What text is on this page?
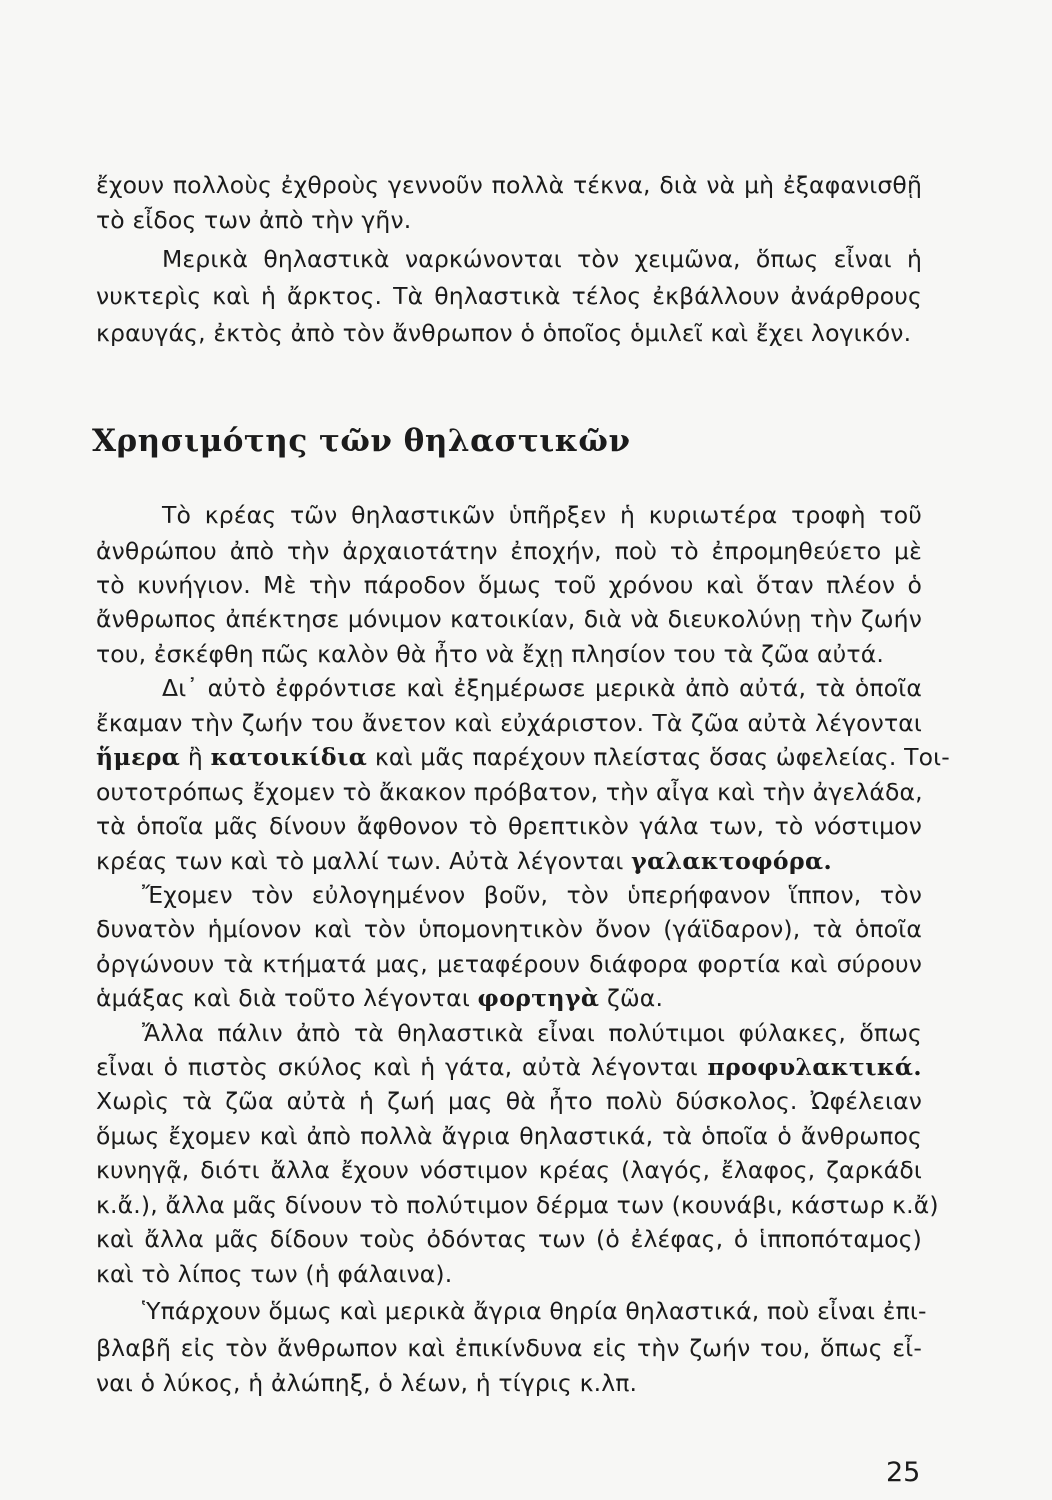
ἔχουν πολλοὺς ἐχθροὺς γεννοῦν πολλὰ τέκνα, διὰ νὰ μὴ ἐξαφανισθῇ
τὸ εἶδος των ἀπὸ τὴν γῆν.
Μερικὰ θηλαστικὰ ναρκώνονται τὸν χειμῶνα, ὅπως εἶναι ἡ
νυκτερὶς καὶ ἡ ἄρκτος. Τὰ θηλαστικὰ τέλος ἐκβάλλουν ἀνάρθρους
κραυγάς, ἐκτὸς ἀπὸ τὸν ἄνθρωπον ὁ ὁποῖος ὁμιλεῖ καὶ ἔχει λογικόν.
Χρησιμότης τῶν θηλαστικῶν
Τὸ κρέας τῶν θηλαστικῶν ὑπῆρξεν ἡ κυριωτέρα τροφὴ τοῦ
ἀνθρώπου ἀπὸ τὴν ἀρχαιοτάτην ἐποχήν, ποὺ τὸ ἐπρομηθεύετο μὲ
τὸ κυνήγιον. Μὲ τὴν πάροδον ὅμως τοῦ χρόνου καὶ ὅταν πλέον ὁ
ἄνθρωπος ἀπέκτησε μόνιμον κατοικίαν, διὰ νὰ διευκολύνῃ τὴν ζωήν
του, ἐσκέφθη πῶς καλὸν θὰ ἦτο νὰ ἔχῃ πλησίον του τὰ ζῶα αὐτά.
Δι᾽ αὐτὸ ἐφρόντισε καὶ ἐξημέρωσε μερικὰ ἀπὸ αὐτά, τὰ ὁποῖα
ἔκαμαν τὴν ζωήν του ἄνετον καὶ εὐχάριστον. Τὰ ζῶα αὐτὰ λέγονται
ἥμερα ἢ κατοικίδια καὶ μᾶς παρέχουν πλείστας ὅσας ὠφελείας. Τοι-
ουτοτρόπως ἔχομεν τὸ ἄκακον πρόβατον, τὴν αἶγα καὶ τὴν ἀγελάδα,
τὰ ὁποῖα μᾶς δίνουν ἄφθονον τὸ θρεπτικὸν γάλα των, τὸ νόστιμον
κρέας των καὶ τὸ μαλλί των. Αὐτὰ λέγονται γαλακτοφόρα.
Ἔχομεν τὸν εὐλογημένον βοῦν, τὸν ὑπερήφανον ἵππον, τὸν
δυνατὸν ἡμίονον καὶ τὸν ὑπομονητικὸν ὄνον (γάϊδαρον), τὰ ὁποῖα
ὀργώνουν τὰ κτήματά μας, μεταφέρουν διάφορα φορτία καὶ σύρουν
ἁμάξας καὶ διὰ τοῦτο λέγονται φορτηγὰ ζῶα.
Ἄλλα πάλιν ἀπὸ τὰ θηλαστικὰ εἶναι πολύτιμοι φύλακες, ὅπως
εἶναι ὁ πιστὸς σκύλος καὶ ἡ γάτα, αὐτὰ λέγονται προφυλακτικά.
Χωρὶς τὰ ζῶα αὐτὰ ἡ ζωή μας θὰ ἦτο πολὺ δύσκολος. Ὠφέλειαν
ὅμως ἔχομεν καὶ ἀπὸ πολλὰ ἄγρια θηλαστικά, τὰ ὁποῖα ὁ ἄνθρωπος
κυνηγᾷ, διότι ἄλλα ἔχουν νόστιμον κρέας (λαγός, ἔλαφος, ζαρκάδι
κ.ἄ.), ἄλλα μᾶς δίνουν τὸ πολύτιμον δέρμα των (κουνάβι, κάστωρ κ.ἄ)
καὶ ἄλλα μᾶς δίδουν τοὺς ὀδόντας των (ὁ ἐλέφας, ὁ ἱπποπόταμος)
καὶ τὸ λίπος των (ἡ φάλαινα).
Ὑπάρχουν ὅμως καὶ μερικὰ ἄγρια θηρία θηλαστικά, ποὺ εἶναι ἐπι-
βλαβῆ εἰς τὸν ἄνθρωπον καὶ ἐπικίνδυνα εἰς τὴν ζωήν του, ὅπως εἶ-
ναι ὁ λύκος, ἡ ἀλώπηξ, ὁ λέων, ἡ τίγρις κ.λπ.
25
